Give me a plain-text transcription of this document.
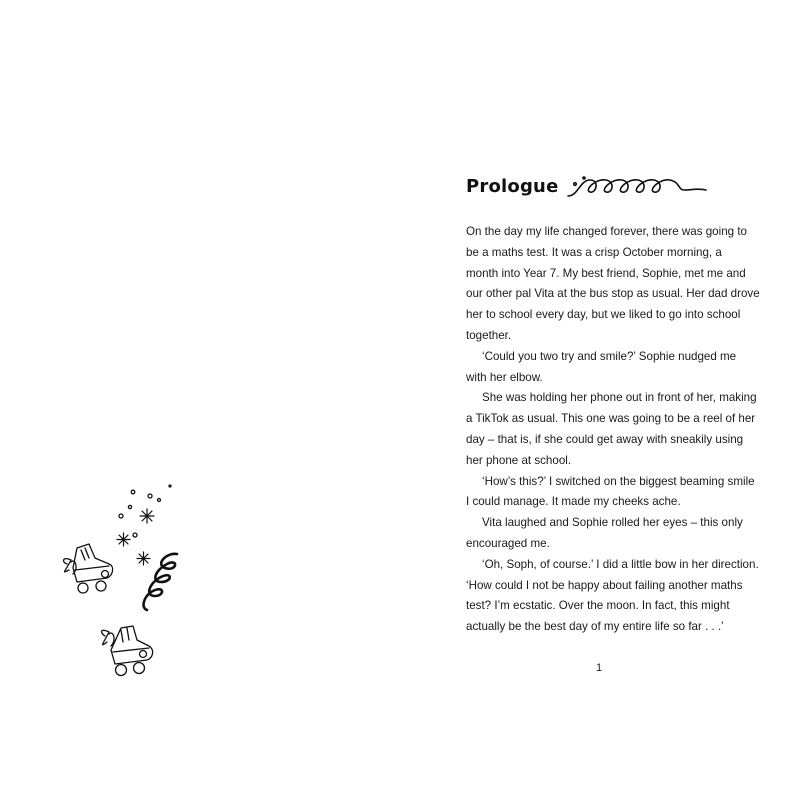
Prologue

On the day my life changed forever, there was going to

be a maths test. It was a crisp October morning, a

month into Year 7. My best friend, Sophie, met me and

our other pal Vita at the bus stop as usual. Her dad drove

her to school every day, but we liked to go into school

together.

‘Could you two try and smile?’ Sophie nudged me

with her elbow.

She was holding her phone out in front of her, making

a TikTok as usual. This one was going to be a reel of her

day – that is, if she could get away with sneakily using

her phone at school.

‘How’s this?’ I switched on the biggest beaming smile

I could manage. It made my cheeks ache.

Vita laughed and Sophie rolled her eyes – this only

encouraged me.

‘Oh, Soph, of course.’ I did a little bow in her direction.

‘How could I not be happy about failing another maths

test? I’m ecstatic. Over the moon. In fact, this might

actually be the best day of my entire life so far . . .’

1
